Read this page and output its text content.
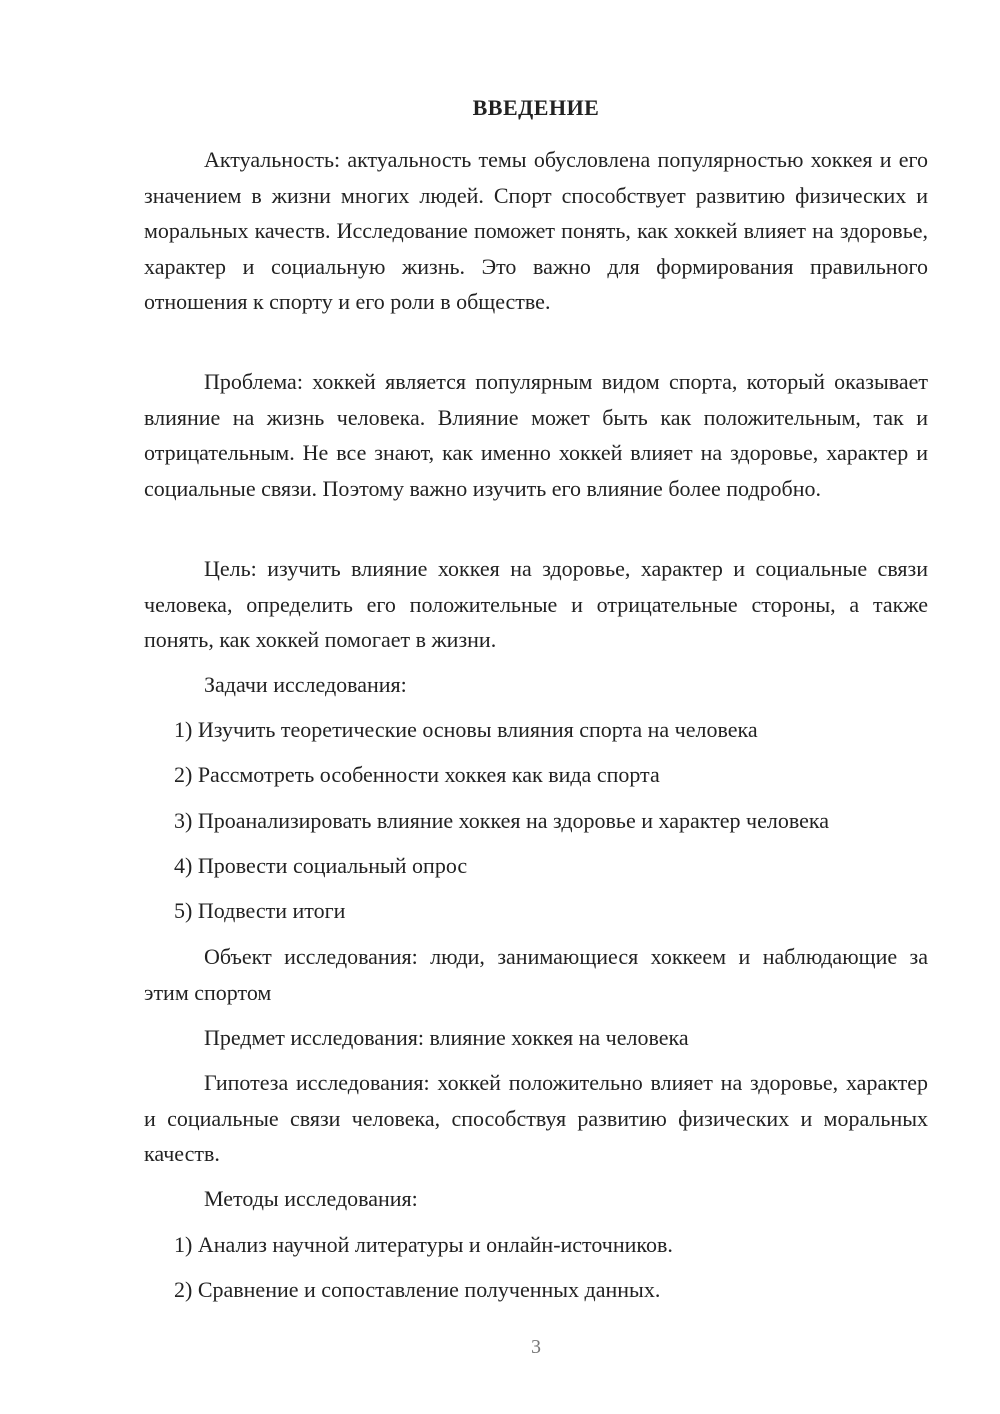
ВВЕДЕНИЕ

Актуальность: актуальность темы обусловлена популярностью хоккея и его значением в жизни многих людей. Спорт способствует развитию физических и моральных качеств. Исследование поможет понять, как хоккей влияет на здоровье, характер и социальную жизнь. Это важно для формирования правильного отношения к спорту и его роли в обществе.

Проблема: хоккей является популярным видом спорта, который оказывает влияние на жизнь человека. Влияние может быть как положительным, так и отрицательным. Не все знают, как именно хоккей влияет на здоровье, характер и социальные связи. Поэтому важно изучить его влияние более подробно.

Цель: изучить влияние хоккея на здоровье, характер и социальные связи человека, определить его положительные и отрицательные стороны, а также понять, как хоккей помогает в жизни.

Задачи исследования:

1) Изучить теоретические основы влияния спорта на человека

2) Рассмотреть особенности хоккея как вида спорта

3) Проанализировать влияние хоккея на здоровье и характер человека

4) Провести социальный опрос

5) Подвести итоги

Объект исследования: люди, занимающиеся хоккеем и наблюдающие за этим спортом

Предмет исследования: влияние хоккея на человека

Гипотеза исследования: хоккей положительно влияет на здоровье, характер и социальные связи человека, способствуя развитию физических и моральных качеств.

Методы исследования:

1) Анализ научной литературы и онлайн-источников.

2) Сравнение и сопоставление полученных данных.

3
